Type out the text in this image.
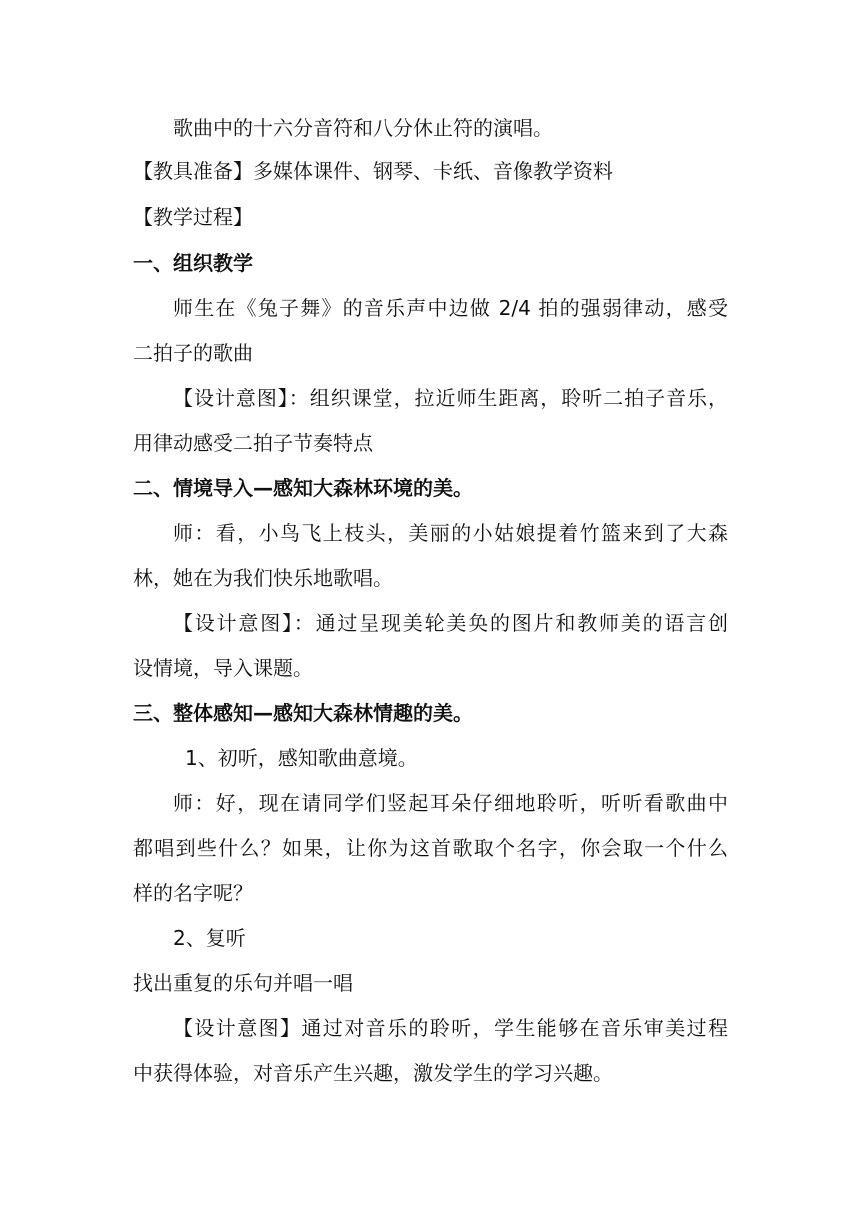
歌曲中的十六分音符和八分休止符的演唱。
【教具准备】多媒体课件、钢琴、卡纸、音像教学资料
【教学过程】
一、组织教学
师生在《兔子舞》的音乐声中边做 2/4 拍的强弱律动，感受
二拍子的歌曲
【设计意图】：组织课堂，拉近师生距离，聆听二拍子音乐，
用律动感受二拍子节奏特点
二、情境导入—感知大森林环境的美。
师：看，小鸟飞上枝头，美丽的小姑娘提着竹篮来到了大森
林，她在为我们快乐地歌唱。
【设计意图】：通过呈现美轮美奂的图片和教师美的语言创
设情境，导入课题。
三、整体感知—感知大森林情趣的美。
1、初听，感知歌曲意境。
师：好，现在请同学们竖起耳朵仔细地聆听，听听看歌曲中
都唱到些什么？如果，让你为这首歌取个名字，你会取一个什么
样的名字呢？
2、复听
找出重复的乐句并唱一唱
【设计意图】通过对音乐的聆听，学生能够在音乐审美过程
中获得体验，对音乐产生兴趣，激发学生的学习兴趣。
